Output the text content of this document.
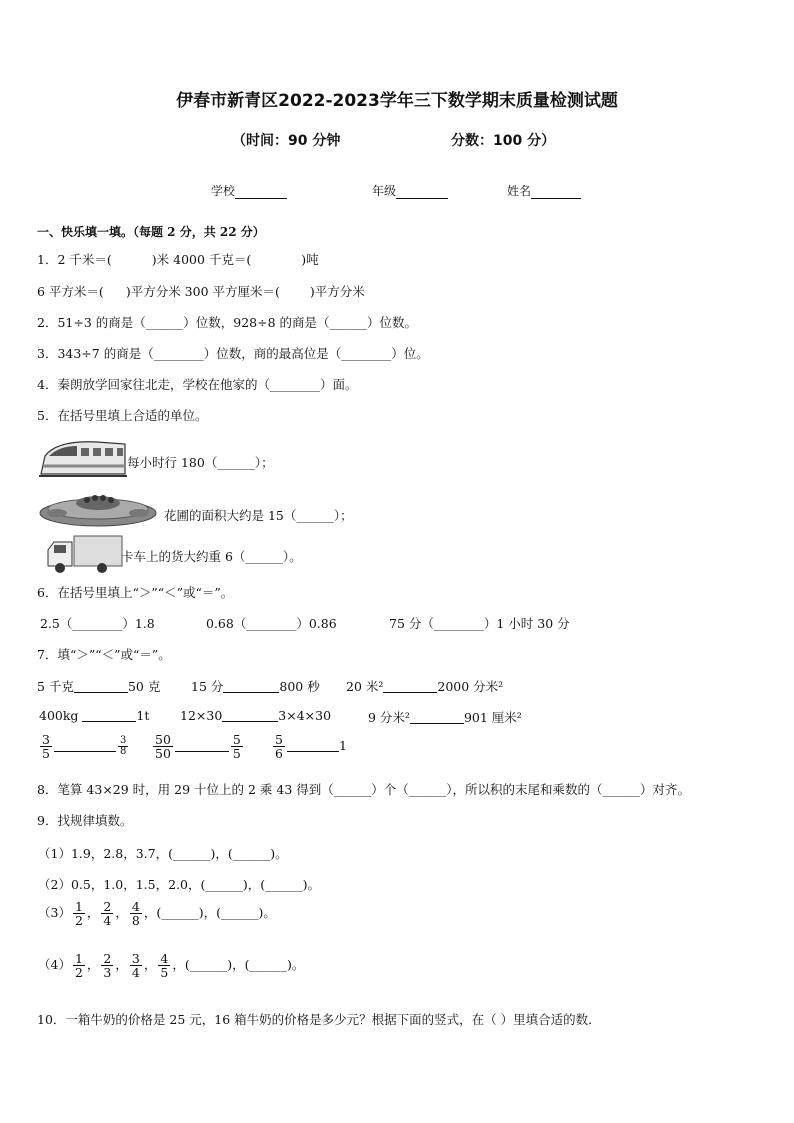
伊春市新青区2022-2023学年三下数学期末质量检测试题
（时间：90 分钟	分数：100 分）
学校	年级	姓名
一、快乐填一填。（每题 2 分，共 22 分）
1．2 千米＝(	)米 4000 千克＝(	)吨
6 平方米＝( )平方分米 300 平方厘米＝( )平方分米
2．51÷3 的商是（______）位数，928÷8 的商是（______）位数。
3．343÷7 的商是（________）位数，商的最高位是（________）位。
4．秦朗放学回家往北走，学校在他家的（________）面。
5．在括号里填上合适的单位。
每小时行 180（______）；
花圃的面积大约是 15（______）；
卡车上的货大约重 6（______）。
6．在括号里填上“＞”“＜”或“＝”。
2.5（________）1.8	0.68（________）0.86	75 分（________）1 小时 30 分
7．填“＞”“＜”或“＝”。
5 千克	50 克 15 分	800 秒 20 米²	2000 分米²
400kg	1t 12×30	3×4×30	9 分米²	901 厘米²
$\frac{3}{5}$	$\frac{3}{8} \frac{50}{50}$	$\frac{5}{5} \frac{5}{6}$	1
8．笔算 43×29 时，用 29 十位上的 2 乘 43 得到（______）个（______），所以积的末尾和乘数的（______）对齐。
9．找规律填数。
（1）1.9，2.8，3.7，(______)，(______)。
（2）0.5，1.0，1.5，2.0，(______)，(______)。
$(3) \frac{1}{2}$ ， $\frac{2}{4}$ ， $\frac{4}{8}$ ，(______)，(______)。
$(4) \frac{1}{2}$ ， $\frac{2}{3}$ ， $\frac{3}{4}$ ， $\frac{4}{5}$ ，(______)，(______)。
10．一箱牛奶的价格是 25 元，16 箱牛奶的价格是多少元？根据下面的竖式，在（ ）里填合适的数．
